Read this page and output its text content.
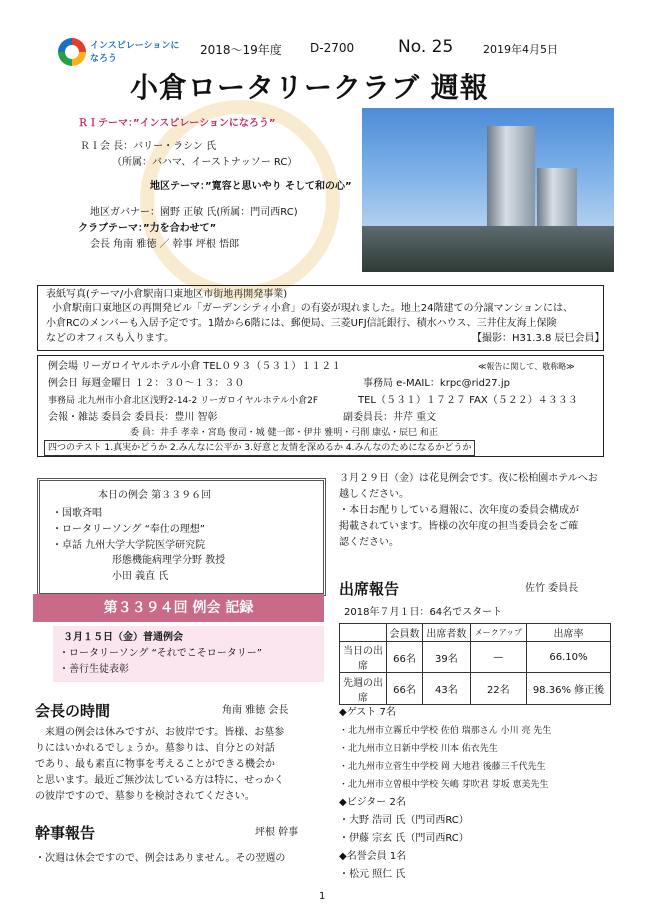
インスピレーションに なろう
2018～19年度 D-2700	No. 25	2019年4月5日
小倉ロータリークラブ 週報
ＲＩテーマ：”インスピレーションになろう”
ＲＩ会 長：バリー・ラシン 氏
（所属：バハマ、イーストナッソー RC）
地区テーマ：”寛容と思いやり そして和の心”
地区ガバナー：園野 正敏 氏(所属：門司西RC)
クラブテーマ：”力を合わせて”
会長 角南 雅徳 ／ 幹事 坪根 悟郎
表紙写真(テーマ/小倉駅南口東地区市街地再開発事業)
小倉駅南口東地区の再開発ビル「ガーデンシティ小倉」の有姿が現れました。地上24階建ての分譲マンションには、
小倉RCのメンバーも入居予定です。1階から6階には、郵便局、三菱UFJ信託銀行、積水ハウス、三井住友海上保険
などのオフィスも入ります。	【撮影：H31.3.8 辰巳会員】
例会場 リーガロイヤルホテル小倉 TEL０９３（５３１）１１２１	≪報告に関して、敬称略≫
例会日 毎週金曜日 １２：３０～１３：３０	事務局 e-MAIL：krpc@rid27.jp
事務局 北九州市小倉北区浅野2-14-2 リーガロイヤルホテル小倉2F	TEL（５３１）１７２７ FAX（５２２）４３３３
会報・雑誌 委員会 委員長：豊川 智彰	副委員長：井芹 重文
委 員：井手 孝幸・宮島 俊司・城 健一郎・伊井 雅明・弓削 康弘・辰巳 和正
四つのテスト 1.真実かどうか 2.みんなに公平か 3.好意と友情を深めるか 4.みんなのためになるかどうか
本日の例会 第３３９６回
・国歌斉唱
・ロータリーソング “奉仕の理想”
・卓話 九州大学大学院医学研究院
形態機能病理学分野 教授
小田 義直 氏
第３３９４回 例会 記録
３月１５日（金）普通例会
・ロータリーソング “それでこそロータリー”
・善行生徒表彰
会長の時間	角南 雅徳 会長
来週の例会は休みですが、お彼岸です。皆様、お墓参
りにはいかれるでしょうか。墓参りは、自分との対話
であり、最も素直に物事を考えることができる機会か
と思います。最近ご無沙汰している方は特に、せっかく
の彼岸ですので、墓参りを検討されてください。
幹事報告	坪根 幹事
・次週は休会ですので、例会はありません。その翌週の
３月２９日（金）は花見例会です。夜に松柏園ホテルへお
越しください。
・本日お配りしている週報に、次年度の委員会構成が
掲載されています。皆様の次年度の担当委員会をご確
認ください。
出席報告	佐竹 委員長
2018年７月１日：64名でスタート
	会員数	出席者数	メークアップ	出席率
当日の出席	66名	39名	—	66.10%
先週の出席	66名	43名	22名	98.36% 修正後
◆ゲスト 7名
・北九州市立霧丘中学校 佐伯 瑞那さん 小川 亮 先生
・北九州市立日新中学校 川本 佑衣先生
・北九州市立菅生中学校 岡 大地君 後藤三千代先生
・北九州市立曽根中学校 矢嶋 芽吹君 芽坂 恵美先生
◆ビジター 2名
・大野 浩司 氏（門司西RC）
・伊藤 宗玄 氏（門司西RC）
◆名誉会員 1名
・松元 照仁 氏
1
